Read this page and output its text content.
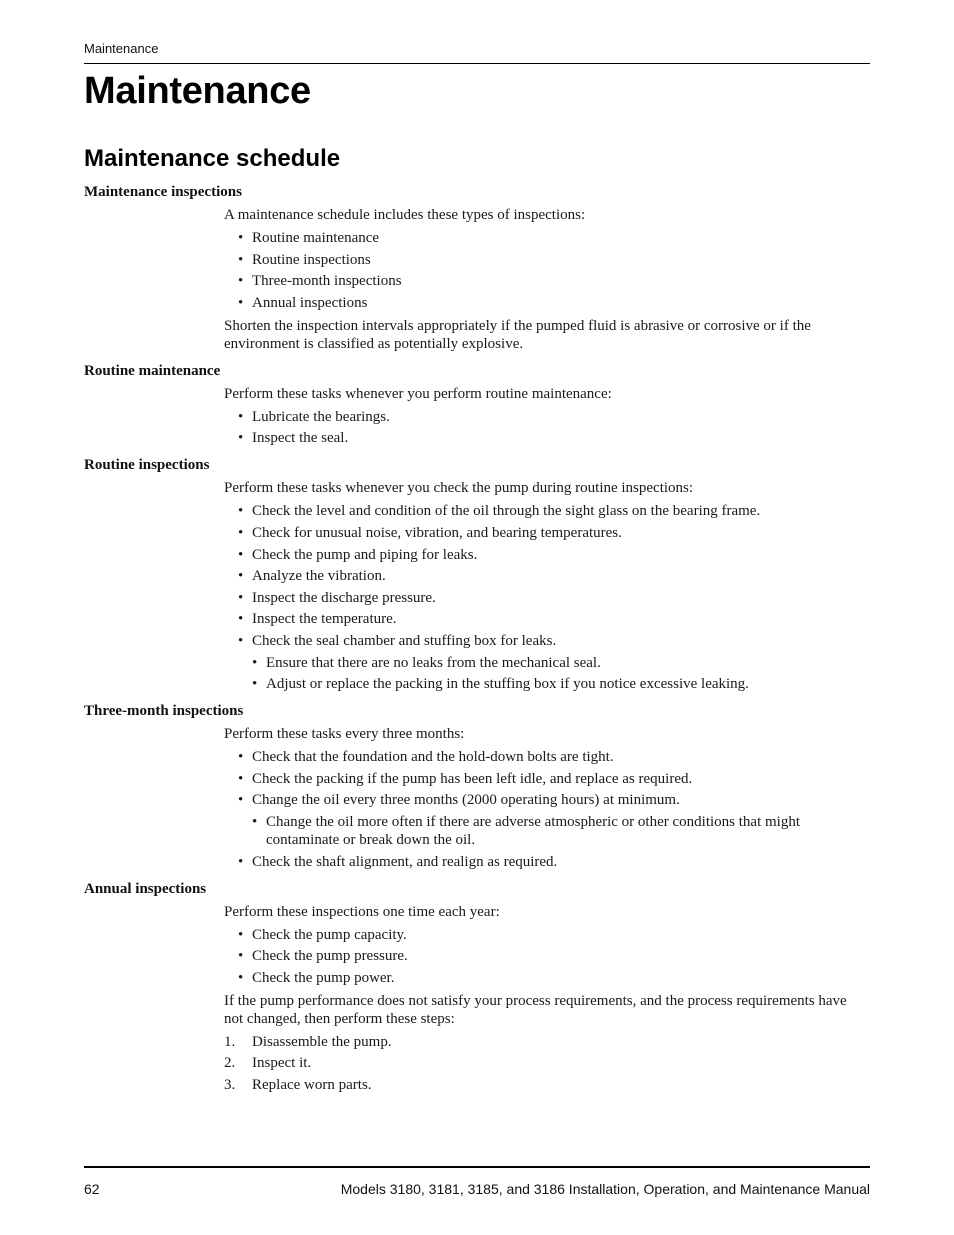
Maintenance
Maintenance
Maintenance schedule
Maintenance inspections
A maintenance schedule includes these types of inspections:
• Routine maintenance
• Routine inspections
• Three-month inspections
• Annual inspections
Shorten the inspection intervals appropriately if the pumped fluid is abrasive or corrosive or if the environment is classified as potentially explosive.
Routine maintenance
Perform these tasks whenever you perform routine maintenance:
• Lubricate the bearings.
• Inspect the seal.
Routine inspections
Perform these tasks whenever you check the pump during routine inspections:
• Check the level and condition of the oil through the sight glass on the bearing frame.
• Check for unusual noise, vibration, and bearing temperatures.
• Check the pump and piping for leaks.
• Analyze the vibration.
• Inspect the discharge pressure.
• Inspect the temperature.
• Check the seal chamber and stuffing box for leaks.
• Ensure that there are no leaks from the mechanical seal.
• Adjust or replace the packing in the stuffing box if you notice excessive leaking.
Three-month inspections
Perform these tasks every three months:
• Check that the foundation and the hold-down bolts are tight.
• Check the packing if the pump has been left idle, and replace as required.
• Change the oil every three months (2000 operating hours) at minimum.
• Change the oil more often if there are adverse atmospheric or other conditions that might contaminate or break down the oil.
• Check the shaft alignment, and realign as required.
Annual inspections
Perform these inspections one time each year:
• Check the pump capacity.
• Check the pump pressure.
• Check the pump power.
If the pump performance does not satisfy your process requirements, and the process requirements have not changed, then perform these steps:
1. Disassemble the pump.
2. Inspect it.
3. Replace worn parts.
62	Models 3180, 3181, 3185, and 3186 Installation, Operation, and Maintenance Manual
